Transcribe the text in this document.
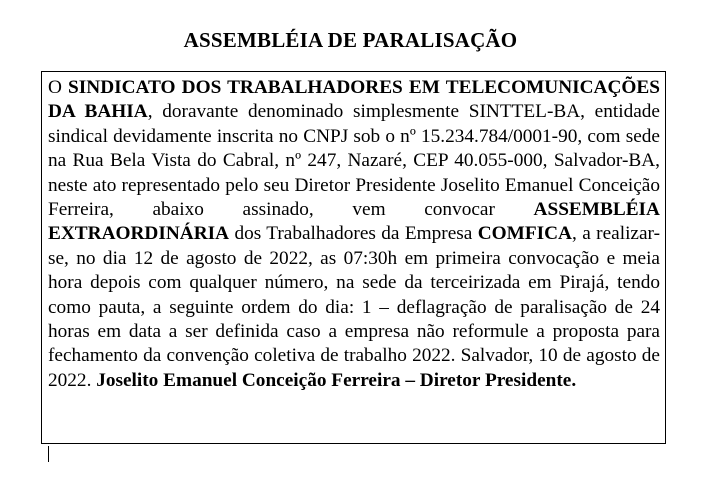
ASSEMBLÉIA DE PARALISAÇÃO

O SINDICATO DOS TRABALHADORES EM TELECOMUNICAÇÕES DA BAHIA, doravante denominado simplesmente SINTTEL-BA, entidade sindical devidamente inscrita no CNPJ sob o nº 15.234.784/0001-90, com sede na Rua Bela Vista do Cabral, nº 247, Nazaré, CEP 40.055-000, Salvador-BA, neste ato representado pelo seu Diretor Presidente Joselito Emanuel Conceição Ferreira, abaixo assinado, vem convocar ASSEMBLÉIA EXTRAORDINÁRIA dos Trabalhadores da Empresa COMFICA, a realizar-se, no dia 12 de agosto de 2022, as 07:30h em primeira convocação e meia hora depois com qualquer número, na sede da terceirizada em Pirajá, tendo como pauta, a seguinte ordem do dia: 1 – deflagração de paralisação de 24 horas em data a ser definida caso a empresa não reformule a proposta para fechamento da convenção coletiva de trabalho 2022. Salvador, 10 de agosto de 2022. Joselito Emanuel Conceição Ferreira – Diretor Presidente.
